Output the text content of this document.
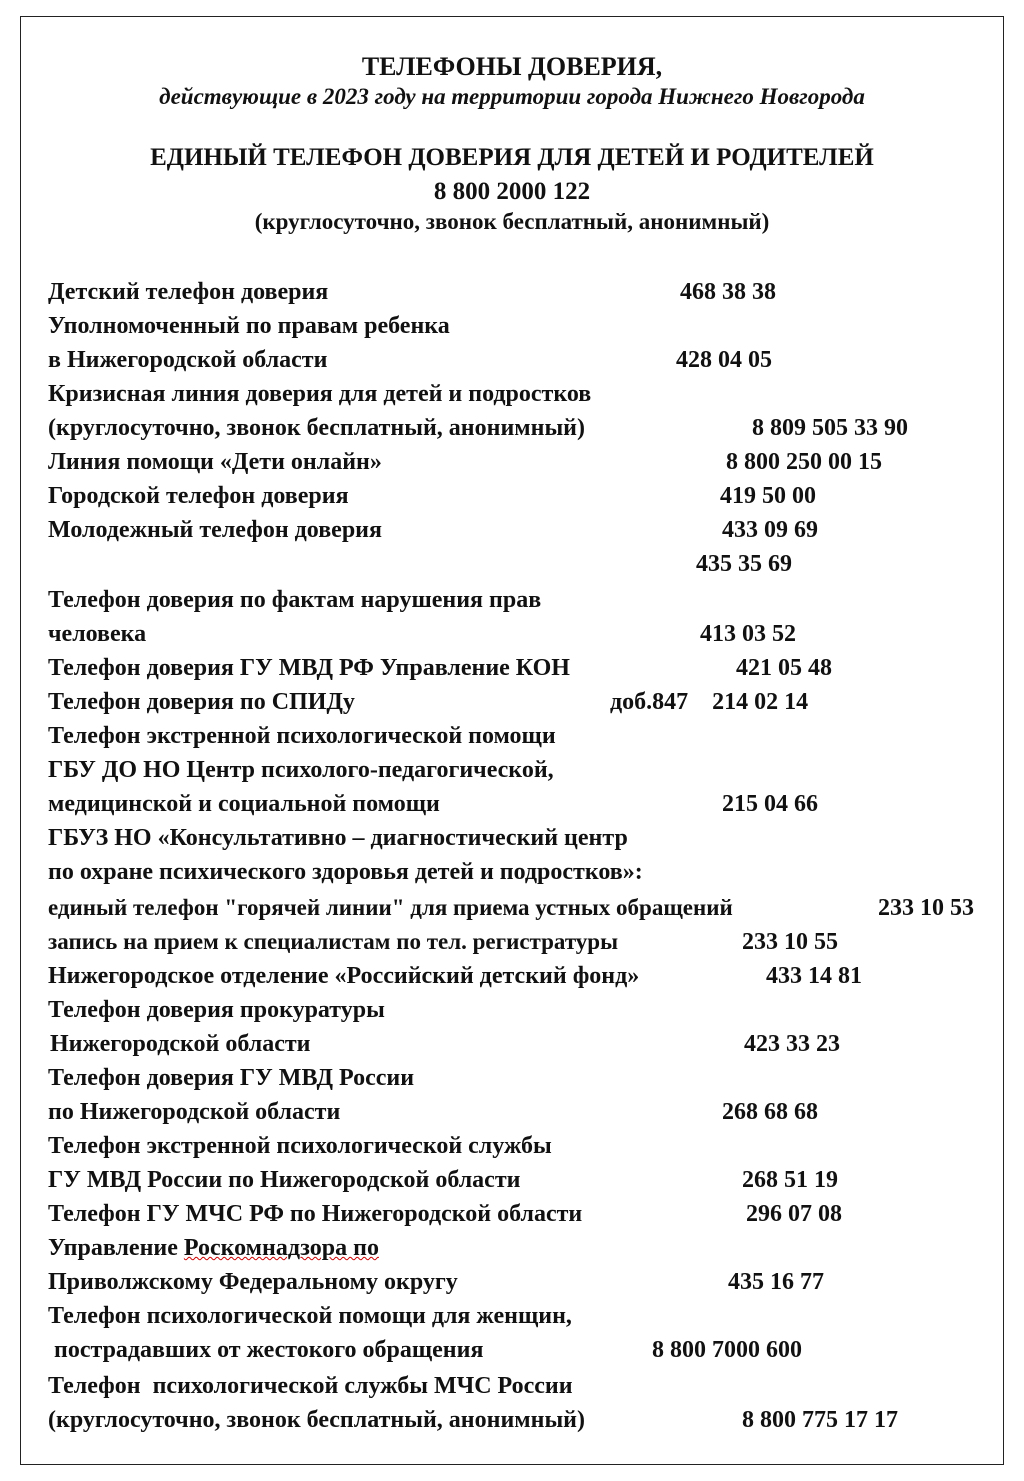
ТЕЛЕФОНЫ ДОВЕРИЯ,
действующие в 2023 году на территории города Нижнего Новгорода
ЕДИНЫЙ ТЕЛЕФОН ДОВЕРИЯ ДЛЯ ДЕТЕЙ И РОДИТЕЛЕЙ
8 800 2000 122
(круглосуточно, звонок бесплатный, анонимный)
Детский телефон доверия	468 38 38
Уполномоченный по правам ребенка
в Нижегородской области	428 04 05
Кризисная линия доверия для детей и подростков
(круглосуточно, звонок бесплатный, анонимный)	8 809 505 33 90
Линия помощи «Дети онлайн»	8 800 250 00 15
Городской телефон доверия	419 50 00
Молодежный телефон доверия	433 09 69
435 35 69
Телефон доверия по фактам нарушения прав
человека	413 03 52
Телефон доверия ГУ МВД РФ Управление КОН	421 05 48
Телефон доверия по СПИДу	доб.847    214 02 14
Телефон экстренной психологической помощи
ГБУ ДО НО Центр психолого-педагогической,
медицинской и социальной помощи	215 04 66
ГБУЗ НО «Консультативно – диагностический центр
по охране психического здоровья детей и подростков»:
единый телефон "горячей линии" для приема устных обращений	233 10 53
запись на прием к специалистам по тел. регистратуры	233 10 55
Нижегородское отделение «Российский детский фонд»	433 14 81
Телефон доверия прокуратуры
Нижегородской области	423 33 23
Телефон доверия ГУ МВД России
по Нижегородской области	268 68 68
Телефон экстренной психологической службы
ГУ МВД России по Нижегородской области	268 51 19
Телефон ГУ МЧС РФ по Нижегородской области	296 07 08
Управление Роскомнадзора по
Приволжскому Федеральному округу	435 16 77
Телефон психологической помощи для женщин,
пострадавших от жестокого обращения	8 800 7000 600
Телефон  психологической службы МЧС России
(круглосуточно, звонок бесплатный, анонимный)	8 800 775 17 17
